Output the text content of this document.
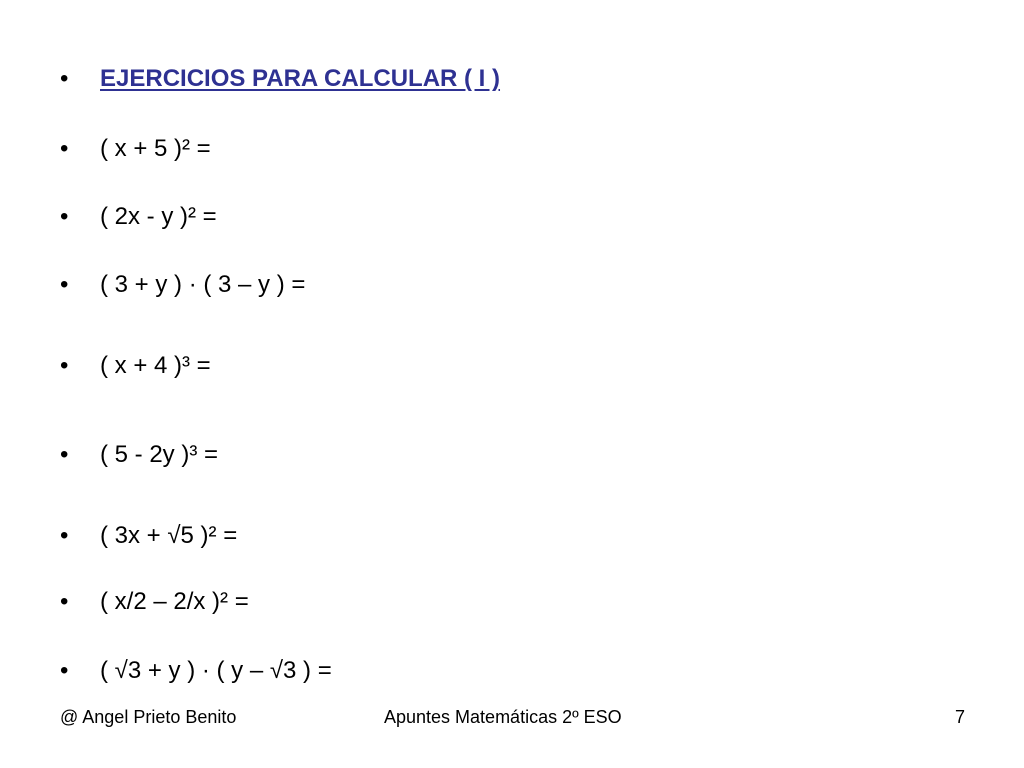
•	EJERCICIOS PARA CALCULAR ( I )
•	( x + 5 )² =
•	( 2x - y )² =
•	( 3 + y ) · ( 3 – y ) =
•	( x + 4 )³ =
•	( 5 - 2y )³ =
•	( 3x + √5 )² =
•	( x/2 – 2/x )² =
•	( √3 + y ) · ( y – √3 ) =
@ Angel Prieto Benito	Apuntes Matemáticas 2º ESO	7
